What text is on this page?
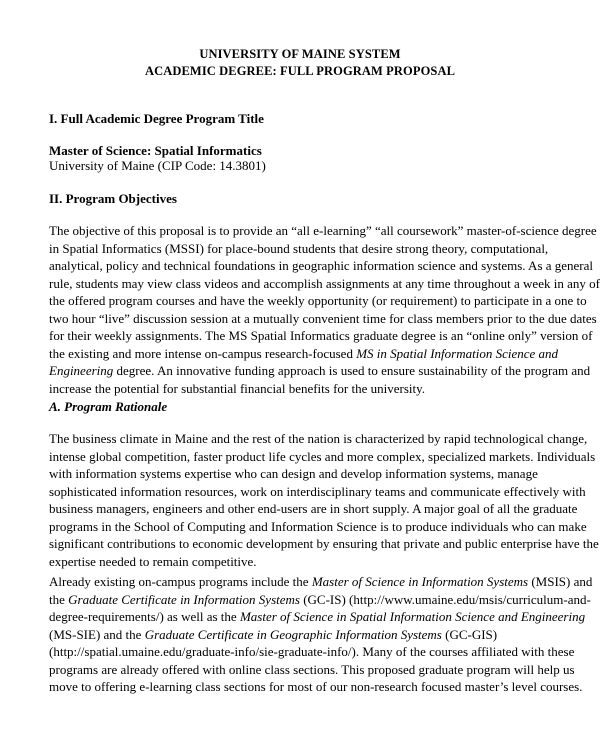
UNIVERSITY OF MAINE SYSTEM
ACADEMIC DEGREE: FULL PROGRAM PROPOSAL
I. Full Academic Degree Program Title
Master of Science: Spatial Informatics
University of Maine (CIP Code: 14.3801)
II. Program Objectives

The objective of this proposal is to provide an “all e-learning” “all coursework” master-of-science degree

in Spatial Informatics (MSSI) for place-bound students that desire strong theory, computational,

analytical, policy and technical foundations in geographic information science and systems. As a general

rule, students may view class videos and accomplish assignments at any time throughout a week in any of

the offered program courses and have the weekly opportunity (or requirement) to participate in a one to

two hour “live” discussion session at a mutually convenient time for class members prior to the due dates

for their weekly assignments. The MS Spatial Informatics graduate degree is an “online only” version of

the existing and more intense on-campus research-focused MS in Spatial Information Science and

Engineering degree. An innovative funding approach is used to ensure sustainability of the program and

increase the potential for substantial financial benefits for the university.

A. Program Rationale

The business climate in Maine and the rest of the nation is characterized by rapid technological change,

intense global competition, faster product life cycles and more complex, specialized markets. Individuals

with information systems expertise who can design and develop information systems, manage

sophisticated information resources, work on interdisciplinary teams and communicate effectively with

business managers, engineers and other end-users are in short supply. A major goal of all the graduate

programs in the School of Computing and Information Science is to produce individuals who can make

significant contributions to economic development by ensuring that private and public enterprise have the

expertise needed to remain competitive.

Already existing on-campus programs include the Master of Science in Information Systems (MSIS) and

the Graduate Certificate in Information Systems (GC-IS) (http://www.umaine.edu/msis/curriculum-and-

degree-requirements/) as well as the Master of Science in Spatial Information Science and Engineering

(MS-SIE) and the Graduate Certificate in Geographic Information Systems (GC-GIS)

(http://spatial.umaine.edu/graduate-info/sie-graduate-info/). Many of the courses affiliated with these

programs are already offered with online class sections. This proposed graduate program will help us

move to offering e-learning class sections for most of our non-research focused master’s level courses.
